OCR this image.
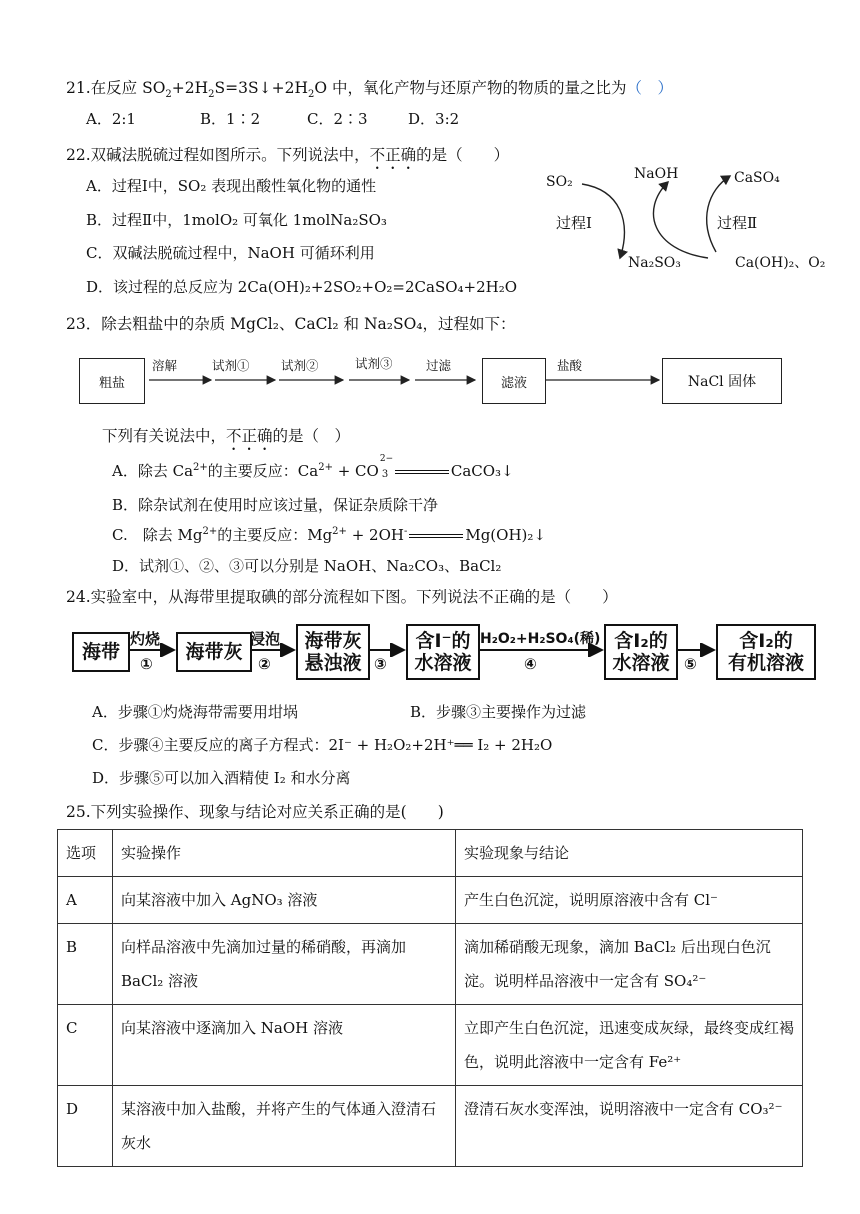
21.在反应 $SO_2+2H_2S=3S↓+2H_2O$ 中，氧化产物与还原产物的物质的量之比为（　）
A．2:1	B．1∶2	C．2∶3	D．3:2
22.双碱法脱硫过程如图所示。下列说法中，不正确的是（　　）
A．过程Ⅰ中，SO₂ 表现出酸性氧化物的通性
B．过程Ⅱ中，1molO₂ 可氧化 1molNa₂SO₃
C．双碱法脱硫过程中，NaOH 可循环利用
D．该过程的总反应为 2Ca(OH)₂+2SO₂+O₂=2CaSO₄+2H₂O
SO₂	NaOH	CaSO₄
过程Ⅰ	过程Ⅱ
Na₂SO₃	Ca(OH)₂、O₂
23．除去粗盐中的杂质 MgCl₂、CaCl₂ 和 Na₂SO₄，过程如下：
粗盐
溶解	试剂①	试剂②	试剂③	过滤
滤液
盐酸
NaCl 固体
下列有关说法中，不正确的是（　）
A．除去 $Ca^{2+}$的主要反应：$Ca^{2+}$ + CO
2−
3	CaCO₃↓
B．除杂试剂在使用时应该过量，保证杂质除干净
C.　除去 $Mg^{2+}$的主要反应：$Mg^{2+} + 2OH^-$	Mg(OH)₂↓
D．试剂①、②、③可以分别是 NaOH、Na₂CO₃、BaCl₂
24.实验室中，从海带里提取碘的部分流程如下图。下列说法不正确的是（　　）
海带
灼烧
①
海带灰
浸泡
②
海带灰
悬浊液 ③
含I⁻的
水溶液
H₂O₂+H₂SO₄(稀)
④
含I₂的
水溶液 ⑤
含I₂的
有机溶液
A．步骤①灼烧海带需要用坩埚	B．步骤③主要操作为过滤
C．步骤④主要反应的离子方程式：2I⁻ + H₂O₂+2H⁺══ I₂ + 2H₂O
D．步骤⑤可以加入酒精使 I₂ 和水分离
25.下列实验操作、现象与结论对应关系正确的是(　　)
选项	实验操作	实验现象与结论
A	向某溶液中加入 AgNO₃ 溶液	产生白色沉淀，说明原溶液中含有 Cl⁻
B	向样品溶液中先滴加过量的稀硝酸，再滴加 BaCl₂ 溶液	滴加稀硝酸无现象，滴加 BaCl₂ 后出现白色沉淀。说明样品溶液中一定含有 SO₄²⁻
C	向某溶液中逐滴加入 NaOH 溶液	立即产生白色沉淀，迅速变成灰绿，最终变成红褐色，说明此溶液中一定含有 Fe²⁺
D	某溶液中加入盐酸，并将产生的气体通入澄清石灰水	澄清石灰水变浑浊，说明溶液中一定含有 CO₃²⁻
